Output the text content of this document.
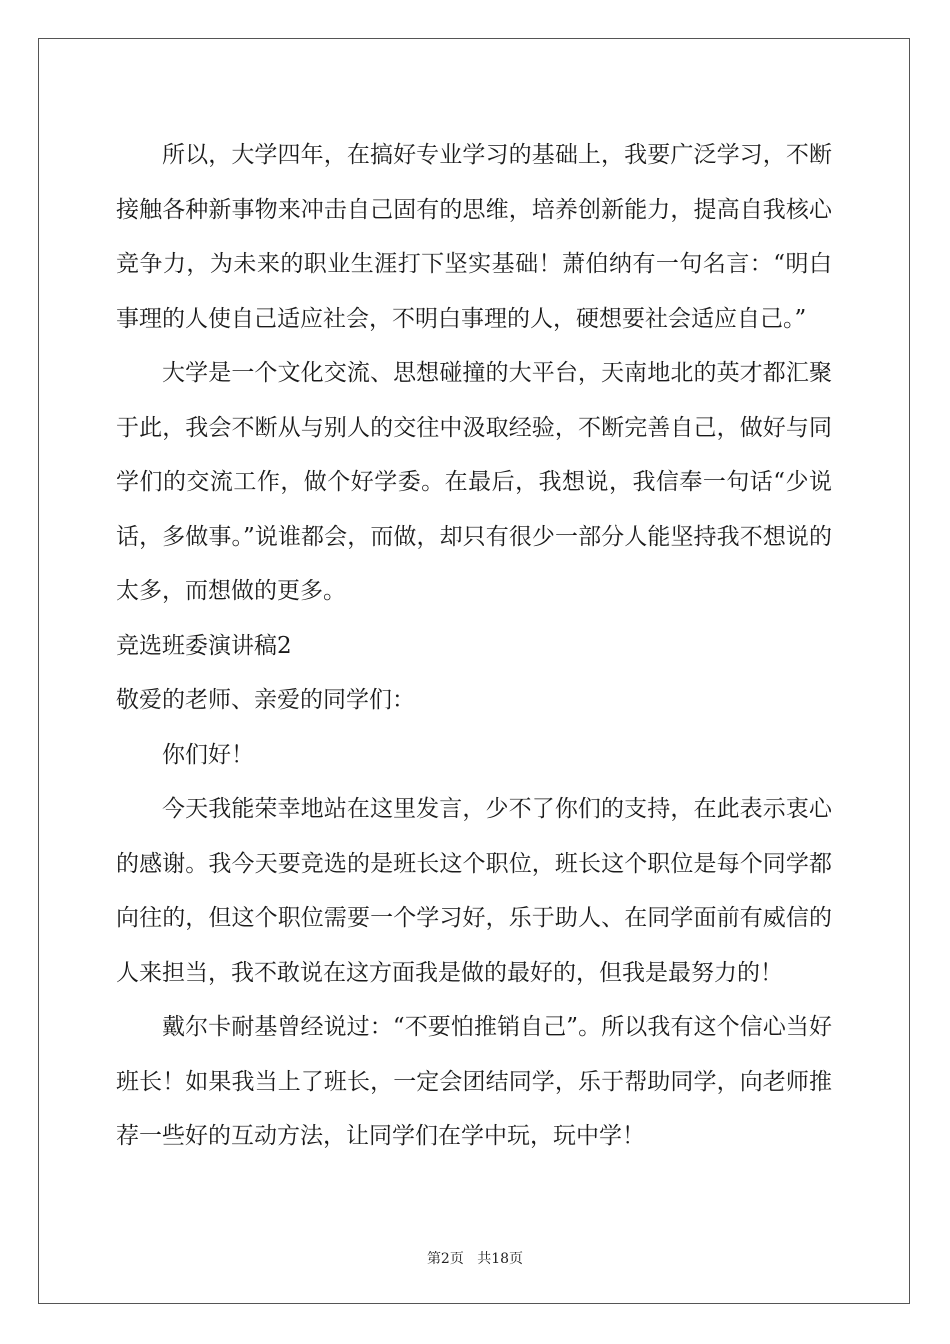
所以，大学四年，在搞好专业学习的基础上，我要广泛学习，不断接触各种新事物来冲击自己固有的思维，培养创新能力，提高自我核心竞争力，为未来的职业生涯打下坚实基础！萧伯纳有一句名言：“明白事理的人使自己适应社会，不明白事理的人，硬想要社会适应自己。”

大学是一个文化交流、思想碰撞的大平台，天南地北的英才都汇聚于此，我会不断从与别人的交往中汲取经验，不断完善自己，做好与同学们的交流工作，做个好学委。在最后，我想说，我信奉一句话“少说话，多做事。”说谁都会，而做，却只有很少一部分人能坚持我不想说的太多，而想做的更多。

竞选班委演讲稿2

敬爱的老师、亲爱的同学们：

你们好！

今天我能荣幸地站在这里发言，少不了你们的支持，在此表示衷心的感谢。我今天要竞选的是班长这个职位，班长这个职位是每个同学都向往的，但这个职位需要一个学习好，乐于助人、在同学面前有威信的人来担当，我不敢说在这方面我是做的最好的，但我是最努力的！

戴尔卡耐基曾经说过：“不要怕推销自己”。所以我有这个信心当好班长！如果我当上了班长，一定会团结同学，乐于帮助同学，向老师推荐一些好的互动方法，让同学们在学中玩，玩中学！

第2页 共18页
